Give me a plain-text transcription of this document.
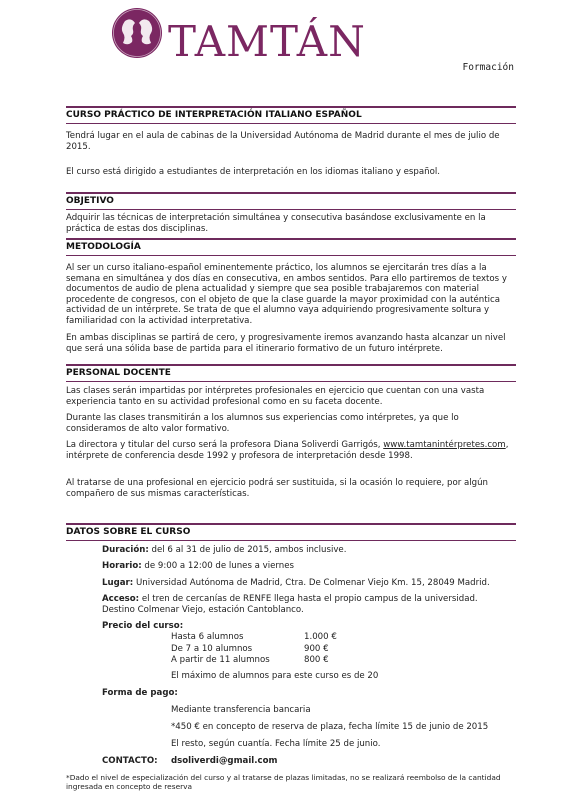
TAMTÁN
Formación
CURSO PRÁCTICO DE INTERPRETACIÓN ITALIANO ESPAÑOL
Tendrá lugar en el aula de cabinas de la Universidad Autónoma de Madrid durante el mes de julio de 2015.
El curso está dirigido a estudiantes de interpretación en los idiomas italiano y español.
OBJETIVO
Adquirir las técnicas de interpretación simultánea y consecutiva basándose exclusivamente en la práctica de estas dos disciplinas.
METODOLOGÍA
Al ser un curso italiano-español eminentemente práctico, los alumnos se ejercitarán tres días a la semana en simultánea y dos días en consecutiva, en ambos sentidos. Para ello partiremos de textos y documentos de audio de plena actualidad y siempre que sea posible trabajaremos con material procedente de congresos, con el objeto de que la clase guarde la mayor proximidad con la auténtica actividad de un intérprete. Se trata de que el alumno vaya adquiriendo progresivamente soltura y familiaridad con la actividad interpretativa.
En ambas disciplinas se partirá de cero, y progresivamente iremos avanzando hasta alcanzar un nivel que será una sólida base de partida para el itinerario formativo de un futuro intérprete.
PERSONAL DOCENTE
Las clases serán impartidas por intérpretes profesionales en ejercicio que cuentan con una vasta experiencia tanto en su actividad profesional como en su faceta docente.
Durante las clases transmitirán a los alumnos sus experiencias como intérpretes, ya que lo consideramos de alto valor formativo.
La directora y titular del curso será la profesora Diana Soliverdi Garrigós, www.tamtanintérpretes.com, intérprete de conferencia desde 1992 y profesora de interpretación desde 1998.
Al tratarse de una profesional en ejercicio podrá ser sustituida, si la ocasión lo requiere, por algún compañero de sus mismas características.
DATOS SOBRE EL CURSO
Duración: del 6 al 31 de julio de 2015, ambos inclusive.
Horario: de 9:00 a 12:00 de lunes a viernes
Lugar: Universidad Autónoma de Madrid, Ctra. De Colmenar Viejo Km. 15, 28049 Madrid.
Acceso: el tren de cercanías de RENFE llega hasta el propio campus de la universidad.
Destino Colmenar Viejo, estación Cantoblanco.
Precio del curso:
Hasta 6 alumnos	1.000 €
De 7 a 10 alumnos	900 €
A partir de 11 alumnos	800 €
El máximo de alumnos para este curso es de 20
Forma de pago:
Mediante transferencia bancaria
*450 € en concepto de reserva de plaza, fecha límite 15 de junio de 2015
El resto, según cuantía. Fecha límite 25 de junio.
CONTACTO:	dsoliverdi@gmail.com
*Dado el nivel de especialización del curso y al tratarse de plazas limitadas, no se realizará reembolso de la cantidad ingresada en concepto de reserva
